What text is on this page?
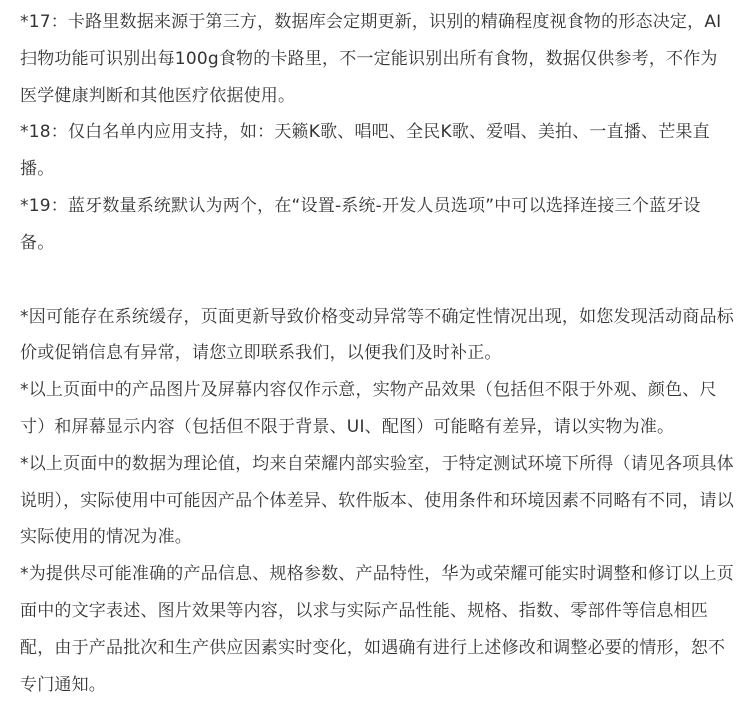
*17：卡路里数据来源于第三方，数据库会定期更新，识别的精确程度视食物的形态决定，AI扫物功能可识别出每100g食物的卡路里，不一定能识别出所有食物，数据仅供参考，不作为医学健康判断和其他医疗依据使用。

*18：仅白名单内应用支持，如：天籁K歌、唱吧、全民K歌、爱唱、美拍、一直播、芒果直播。

*19：蓝牙数量系统默认为两个，在“设置-系统-开发人员选项”中可以选择连接三个蓝牙设备。

*因可能存在系统缓存，页面更新导致价格变动异常等不确定性情况出现，如您发现活动商品标价或促销信息有异常，请您立即联系我们，以便我们及时补正。

*以上页面中的产品图片及屏幕内容仅作示意，实物产品效果（包括但不限于外观、颜色、尺寸）和屏幕显示内容（包括但不限于背景、UI、配图）可能略有差异，请以实物为准。

*以上页面中的数据为理论值，均来自荣耀内部实验室，于特定测试环境下所得（请见各项具体说明），实际使用中可能因产品个体差异、软件版本、使用条件和环境因素不同略有不同，请以实际使用的情况为准。

*为提供尽可能准确的产品信息、规格参数、产品特性，华为或荣耀可能实时调整和修订以上页面中的文字表述、图片效果等内容，以求与实际产品性能、规格、指数、零部件等信息相匹配，由于产品批次和生产供应因素实时变化，如遇确有进行上述修改和调整必要的情形，恕不专门通知。
